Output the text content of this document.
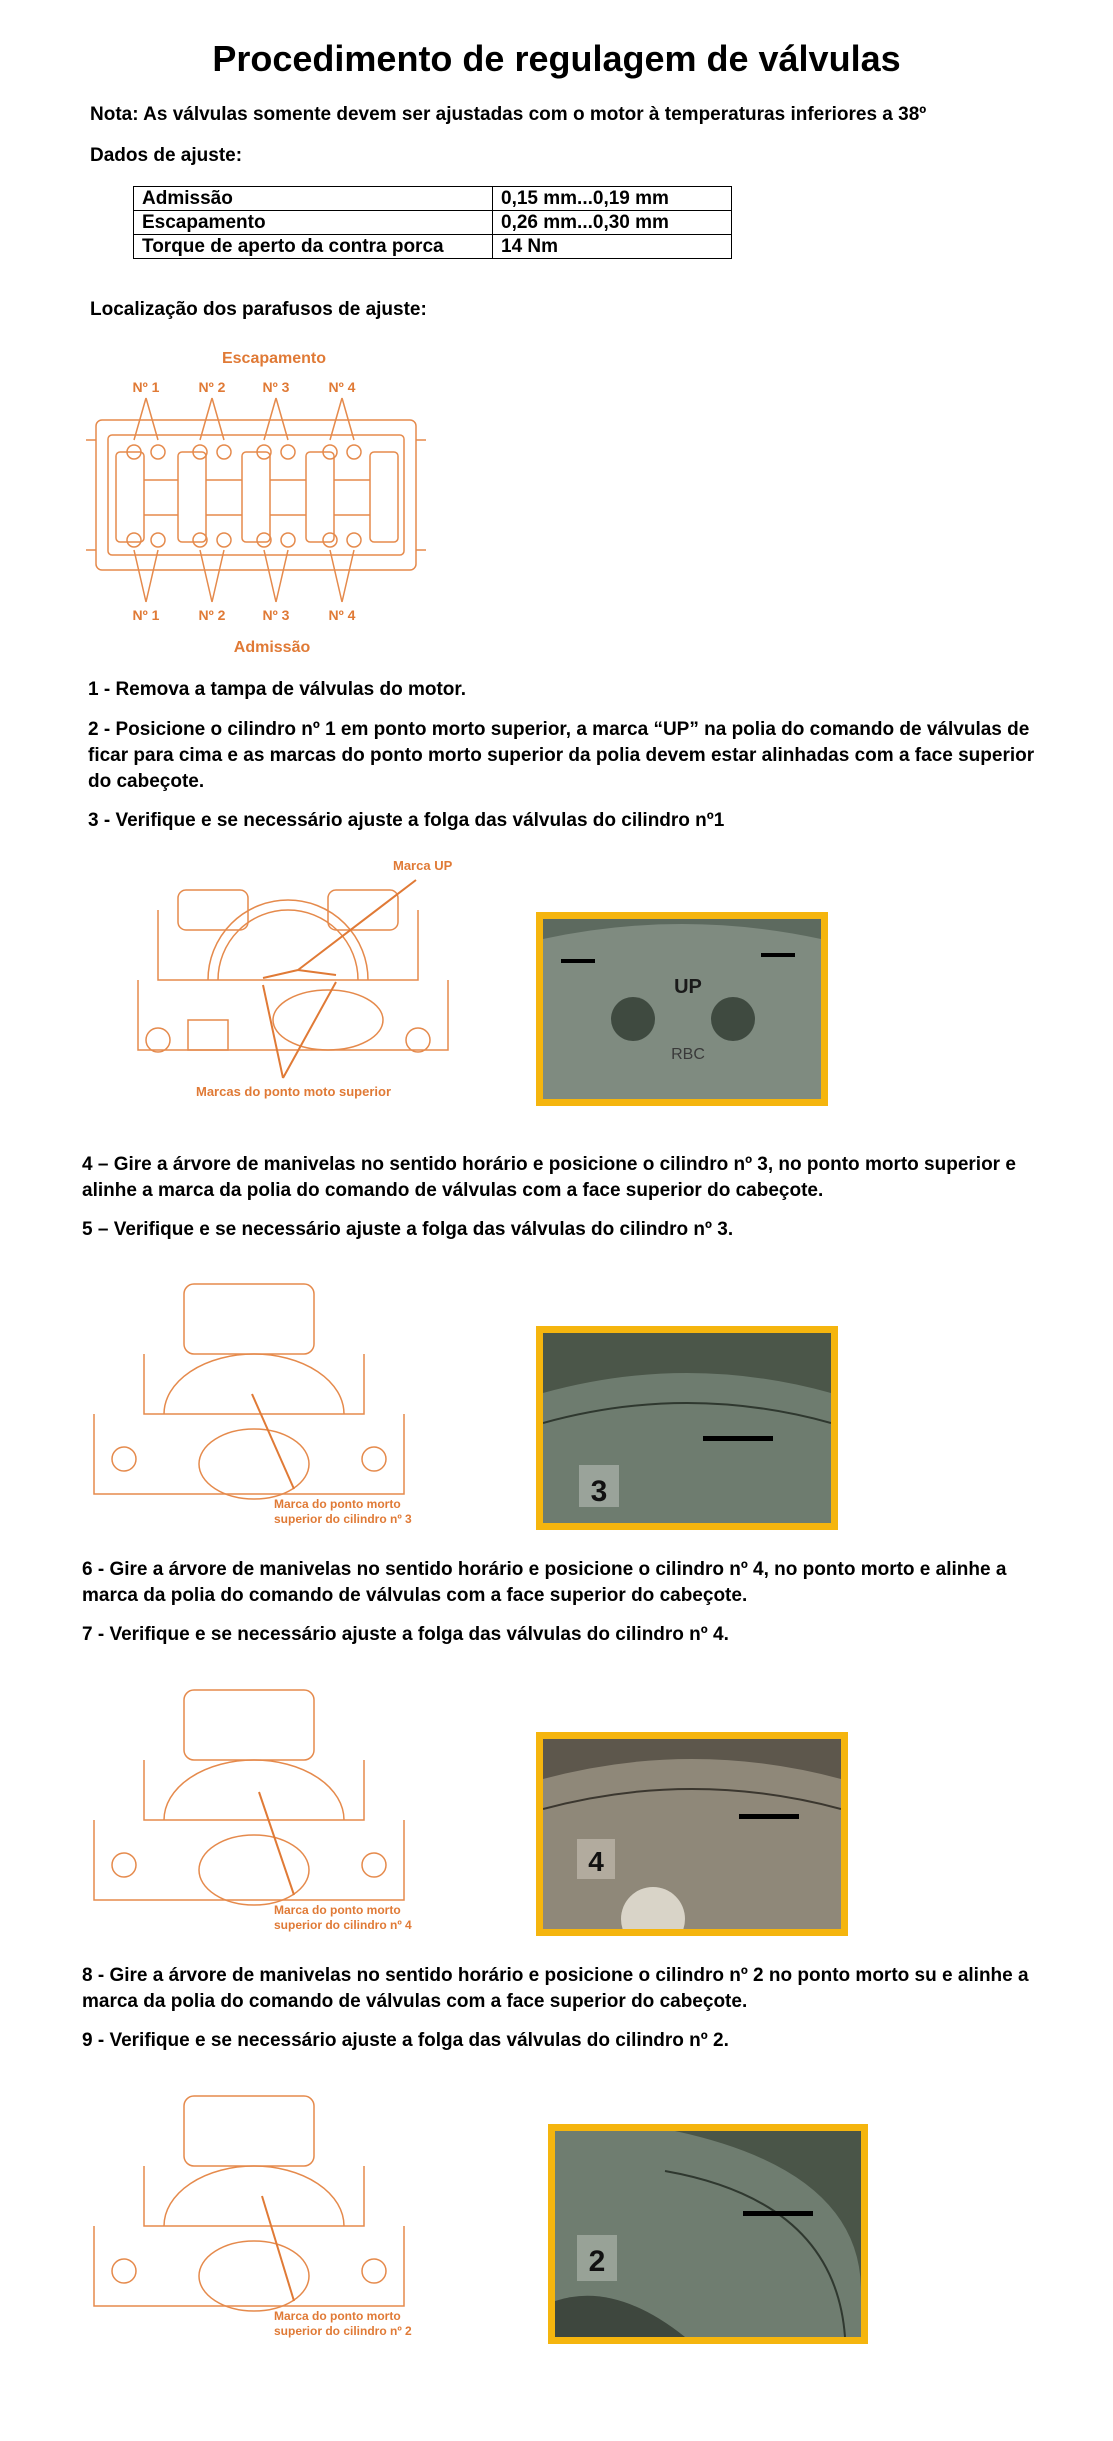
Procedimento de regulagem de válvulas
Nota: As válvulas somente devem ser ajustadas com o motor à temperaturas inferiores a 38º
Dados de ajuste:
Admissão	0,15 mm...0,19 mm
Escapamento	0,26 mm...0,30 mm
Torque de aperto da contra porca	14 Nm
Localização dos parafusos de ajuste:
Escapamento
Nº 1	Nº 2	Nº 3	Nº 4
Nº 1	Nº 2	Nº 3	Nº 4
Admissão
1 - Remova a tampa de válvulas do motor.
2 - Posicione o cilindro nº 1 em ponto morto superior, a marca “UP” na polia do comando de válvulas de ficar para cima e as marcas do ponto morto superior da polia devem estar alinhadas com a face superior do cabeçote.
3 - Verifique e se necessário ajuste a folga das válvulas do cilindro nº1
Marca UP
Marcas do ponto moto superior
UP
RBC
4 – Gire a árvore de manivelas no sentido horário e posicione o cilindro nº 3, no ponto morto superior e alinhe a marca da polia do comando de válvulas com a face superior do cabeçote.
5 – Verifique e se necessário ajuste a folga das válvulas do cilindro nº 3.
Marca do ponto morto
superior do cilindro nº 3
3
6 - Gire a árvore de manivelas no sentido horário e posicione o cilindro nº 4, no ponto morto e alinhe a marca da polia do comando de válvulas com a face superior do cabeçote.
7 - Verifique e se necessário ajuste a folga das válvulas do cilindro nº 4.
Marca do ponto morto
superior do cilindro nº 4
4
8 - Gire a árvore de manivelas no sentido horário e posicione o cilindro nº 2 no ponto morto su e alinhe a marca da polia do comando de válvulas com a face superior do cabeçote.
9 - Verifique e se necessário ajuste a folga das válvulas do cilindro nº 2.
Marca do ponto morto
superior do cilindro nº 2
2
